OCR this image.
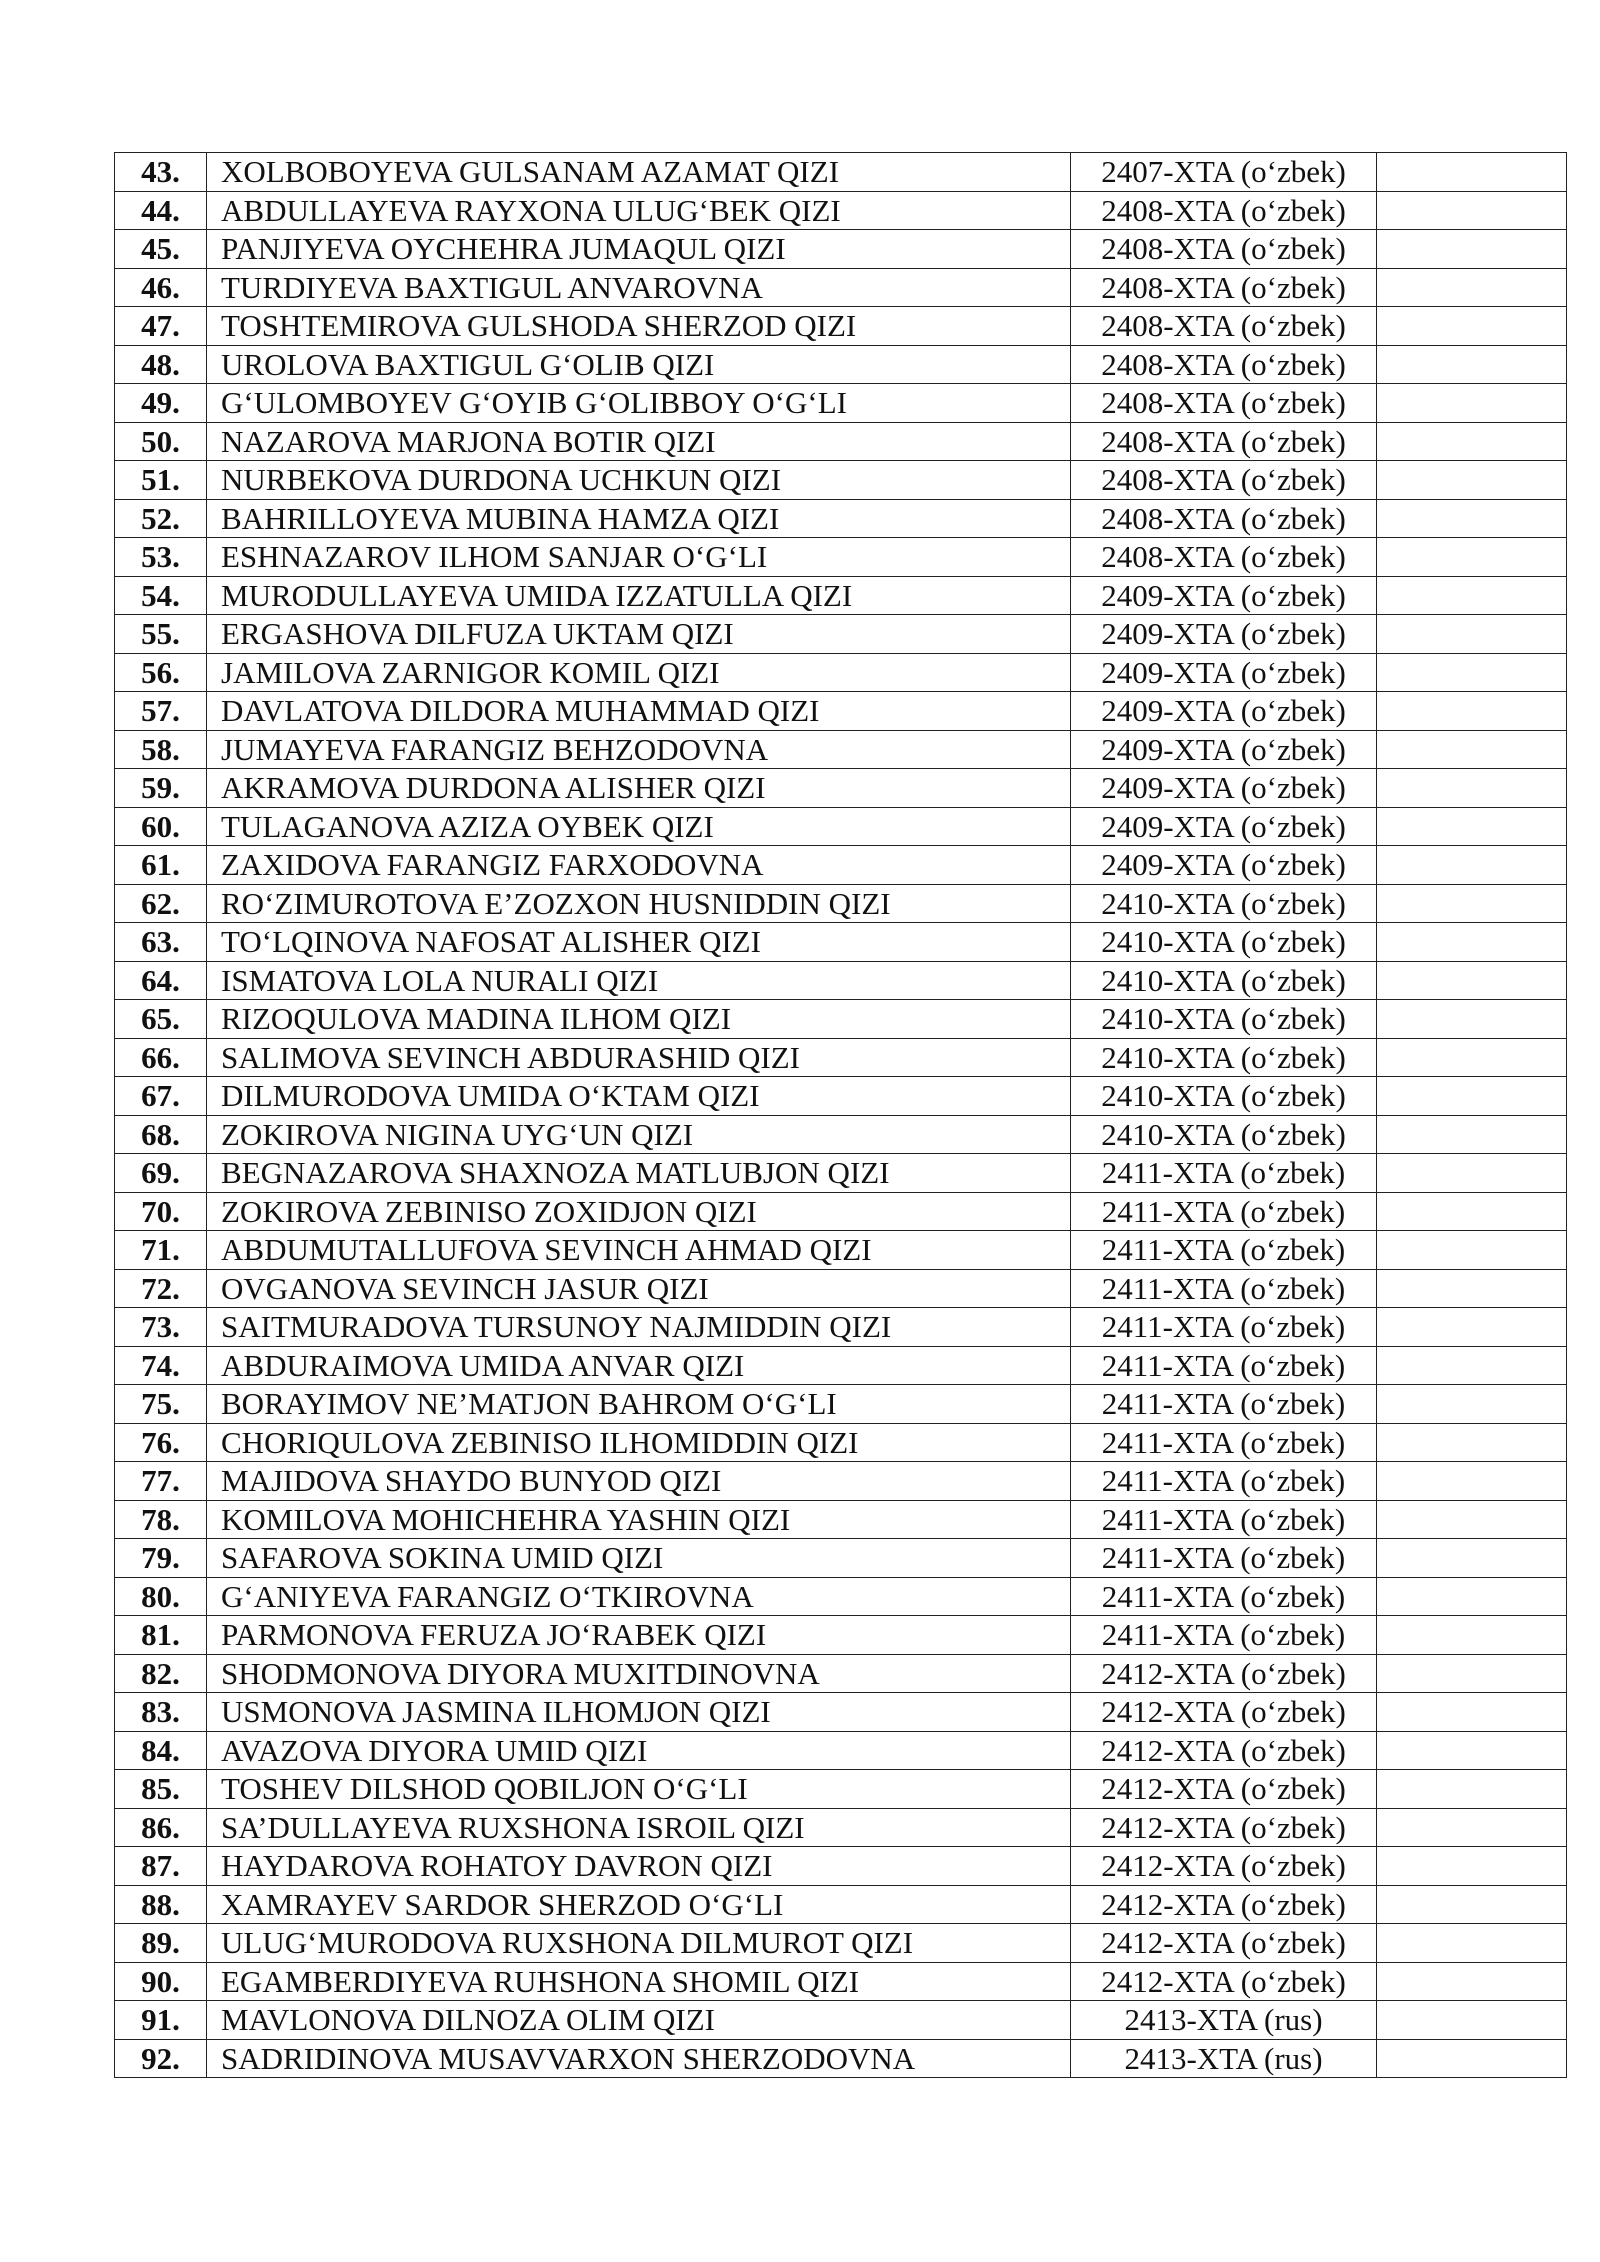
43.	XOLBOBOYEVA GULSANAM AZAMAT QIZI	2407-XTA (o‘zbek)	
44.	ABDULLAYEVA RAYXONA ULUG‘BEK QIZI	2408-XTA (o‘zbek)	
45.	PANJIYEVA OYCHEHRA JUMAQUL QIZI	2408-XTA (o‘zbek)	
46.	TURDIYEVA BAXTIGUL ANVAROVNA	2408-XTA (o‘zbek)	
47.	TOSHTEMIROVA GULSHODA SHERZOD QIZI	2408-XTA (o‘zbek)	
48.	UROLOVA BAXTIGUL G‘OLIB QIZI	2408-XTA (o‘zbek)	
49.	G‘ULOMBOYEV G‘OYIB G‘OLIBBOY O‘G‘LI	2408-XTA (o‘zbek)	
50.	NAZAROVA MARJONA BOTIR QIZI	2408-XTA (o‘zbek)	
51.	NURBEKOVA DURDONA UCHKUN QIZI	2408-XTA (o‘zbek)	
52.	BAHRILLOYEVA MUBINA HAMZA QIZI	2408-XTA (o‘zbek)	
53.	ESHNAZAROV ILHOM SANJAR O‘G‘LI	2408-XTA (o‘zbek)	
54.	MURODULLAYEVA UMIDA IZZATULLA QIZI	2409-XTA (o‘zbek)	
55.	ERGASHOVA DILFUZA UKTAM QIZI	2409-XTA (o‘zbek)	
56.	JAMILOVA ZARNIGOR KOMIL QIZI	2409-XTA (o‘zbek)	
57.	DAVLATOVA DILDORA MUHAMMAD QIZI	2409-XTA (o‘zbek)	
58.	JUMAYEVA FARANGIZ BEHZODOVNA	2409-XTA (o‘zbek)	
59.	AKRAMOVA DURDONA ALISHER QIZI	2409-XTA (o‘zbek)	
60.	TULAGANOVA AZIZA OYBEK QIZI	2409-XTA (o‘zbek)	
61.	ZAXIDOVA FARANGIZ FARXODOVNA	2409-XTA (o‘zbek)	
62.	RO‘ZIMUROTOVA E’ZOZXON HUSNIDDIN QIZI	2410-XTA (o‘zbek)	
63.	TO‘LQINOVA NAFOSAT ALISHER QIZI	2410-XTA (o‘zbek)	
64.	ISMATOVA LOLA NURALI QIZI	2410-XTA (o‘zbek)	
65.	RIZOQULOVA MADINA ILHOM QIZI	2410-XTA (o‘zbek)	
66.	SALIMOVA SEVINCH ABDURASHID QIZI	2410-XTA (o‘zbek)	
67.	DILMURODOVA UMIDA O‘KTAM QIZI	2410-XTA (o‘zbek)	
68.	ZOKIROVA NIGINA UYG‘UN QIZI	2410-XTA (o‘zbek)	
69.	BEGNAZAROVA SHAXNOZA MATLUBJON QIZI	2411-XTA (o‘zbek)	
70.	ZOKIROVA ZEBINISO ZOXIDJON QIZI	2411-XTA (o‘zbek)	
71.	ABDUMUTALLUFOVA SEVINCH AHMAD QIZI	2411-XTA (o‘zbek)	
72.	OVGANOVA SEVINCH JASUR QIZI	2411-XTA (o‘zbek)	
73.	SAITMURADOVA TURSUNOY NAJMIDDIN QIZI	2411-XTA (o‘zbek)	
74.	ABDURAIMOVA UMIDA ANVAR QIZI	2411-XTA (o‘zbek)	
75.	BORAYIMOV NE’MATJON BAHROM O‘G‘LI	2411-XTA (o‘zbek)	
76.	CHORIQULOVA ZEBINISO ILHOMIDDIN QIZI	2411-XTA (o‘zbek)	
77.	MAJIDOVA SHAYDO BUNYOD QIZI	2411-XTA (o‘zbek)	
78.	KOMILOVA MOHICHEHRA YASHIN QIZI	2411-XTA (o‘zbek)	
79.	SAFAROVA SOKINA UMID QIZI	2411-XTA (o‘zbek)	
80.	G‘ANIYEVA FARANGIZ O‘TKIROVNA	2411-XTA (o‘zbek)	
81.	PARMONOVA FERUZA JO‘RABEK QIZI	2411-XTA (o‘zbek)	
82.	SHODMONOVA DIYORA MUXITDINOVNA	2412-XTA (o‘zbek)	
83.	USMONOVA JASMINA ILHOMJON QIZI	2412-XTA (o‘zbek)	
84.	AVAZOVA DIYORA UMID QIZI	2412-XTA (o‘zbek)	
85.	TOSHEV DILSHOD QOBILJON O‘G‘LI	2412-XTA (o‘zbek)	
86.	SA’DULLAYEVA RUXSHONA ISROIL QIZI	2412-XTA (o‘zbek)	
87.	HAYDAROVA ROHATOY DAVRON QIZI	2412-XTA (o‘zbek)	
88.	XAMRAYEV SARDOR SHERZOD O‘G‘LI	2412-XTA (o‘zbek)	
89.	ULUG‘MURODOVA RUXSHONA DILMUROT QIZI	2412-XTA (o‘zbek)	
90.	EGAMBERDIYEVA RUHSHONA SHOMIL QIZI	2412-XTA (o‘zbek)	
91.	MAVLONOVA DILNOZA OLIM QIZI	2413-XTA (rus)	
92.	SADRIDINOVA MUSAVVARXON SHERZODOVNA	2413-XTA (rus)	
